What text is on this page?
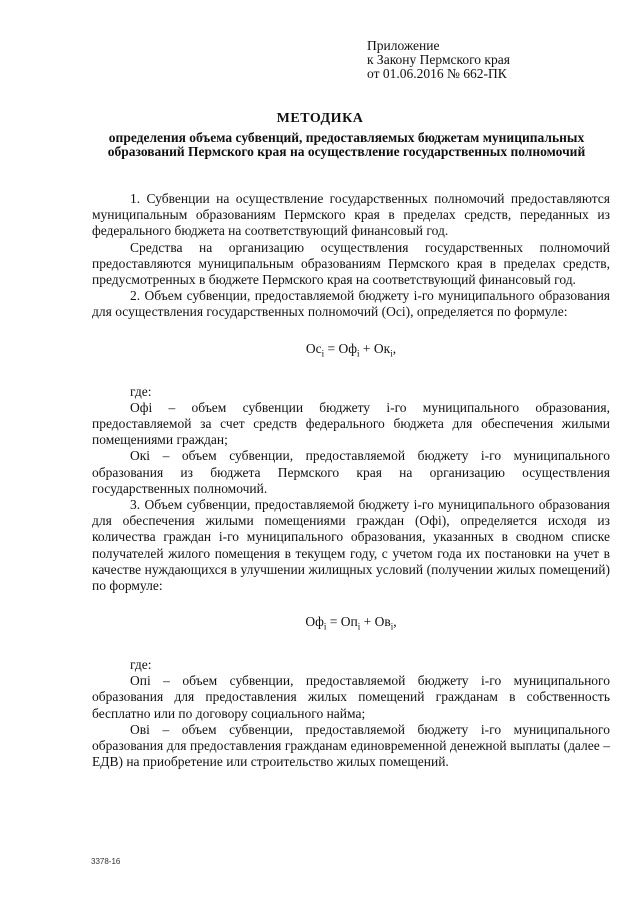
Приложение
к Закону Пермского края
от 01.06.2016 № 662-ПК
МЕТОДИКА
определения объема субвенций, предоставляемых бюджетам муниципальных образований Пермского края на осуществление государственных полномочий

1. Субвенции на осуществление государственных полномочий предоставляются муниципальным образованиям Пермского края в пределах средств, переданных из федерального бюджета на соответствующий финансовый год.

Средства на организацию осуществления государственных полномочий предоставляются муниципальным образованиям Пермского края в пределах средств, предусмотренных в бюджете Пермского края на соответствующий финансовый год.

2. Объем субвенции, предоставляемой бюджету i-го муниципального образования для осуществления государственных полномочий (Оci), определяется по формуле:

$Оc_i = Оф_i + Ок_i$,

где:

Офi – объем субвенции бюджету i-го муниципального образования, предоставляемой за счет средств федерального бюджета для обеспечения жилыми помещениями граждан;

Окi – объем субвенции, предоставляемой бюджету i-го муниципального образования из бюджета Пермского края на организацию осуществления государственных полномочий.

3. Объем субвенции, предоставляемой бюджету i-го муниципального образования для обеспечения жилыми помещениями граждан (Офi), определяется исходя из количества граждан i-го муниципального образования, указанных в сводном списке получателей жилого помещения в текущем году, с учетом года их постановки на учет в качестве нуждающихся в улучшении жилищных условий (получении жилых помещений) по формуле:

$Оф_i = Оп_i + Ов_i$,

где:

Опi – объем субвенции, предоставляемой бюджету i-го муниципального образования для предоставления жилых помещений гражданам в собственность бесплатно или по договору социального найма;

Овi – объем субвенции, предоставляемой бюджету i-го муниципального образования для предоставления гражданам единовременной денежной выплаты (далее – ЕДВ) на приобретение или строительство жилых помещений.

3378-16
